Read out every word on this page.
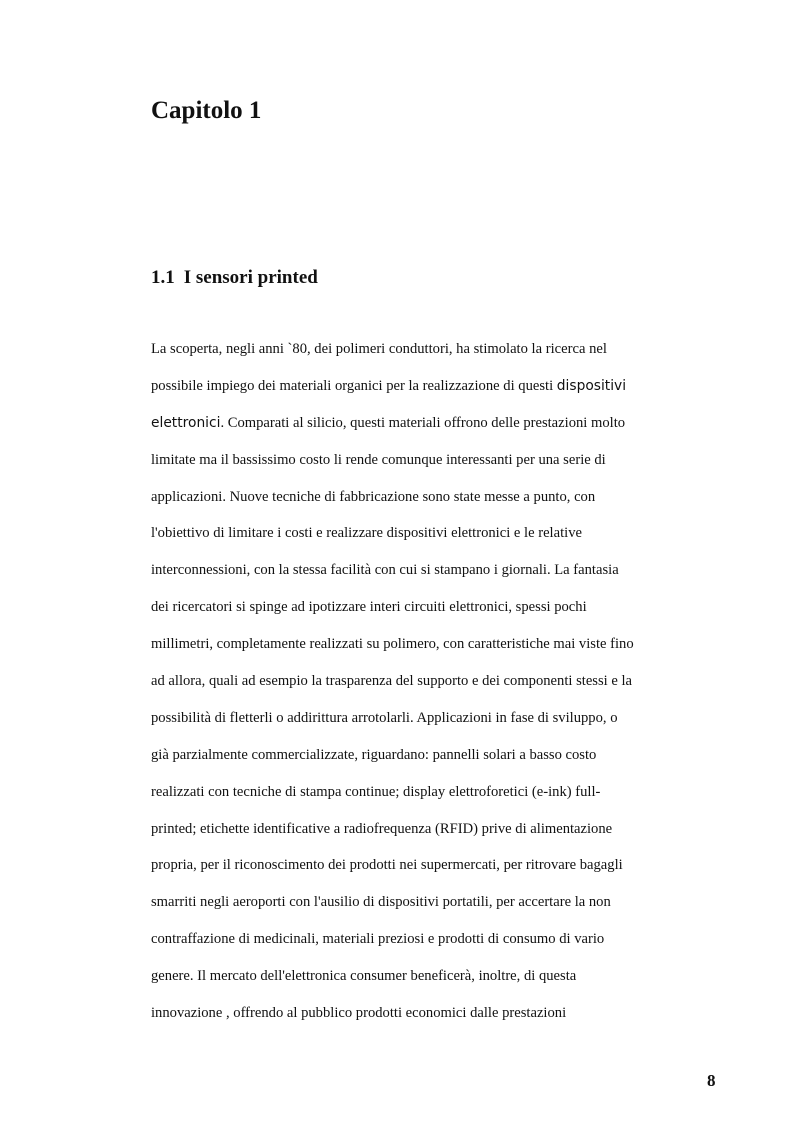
Capitolo 1
1.1 I sensori printed
La scoperta, negli anni `80, dei polimeri conduttori, ha stimolato la ricerca nel
possibile impiego dei materiali organici per la realizzazione di questi dispositivi
elettronici. Comparati al silicio, questi materiali offrono delle prestazioni molto
limitate ma il bassissimo costo li rende comunque interessanti per una serie di
applicazioni. Nuove tecniche di fabbricazione sono state messe a punto, con
l'obiettivo di limitare i costi e realizzare dispositivi elettronici e le relative
interconnessioni, con la stessa facilità con cui si stampano i giornali. La fantasia
dei ricercatori si spinge ad ipotizzare interi circuiti elettronici, spessi pochi
millimetri, completamente realizzati su polimero, con caratteristiche mai viste fino
ad allora, quali ad esempio la trasparenza del supporto e dei componenti stessi e la
possibilità di fletterli o addirittura arrotolarli. Applicazioni in fase di sviluppo, o
già parzialmente commercializzate, riguardano: pannelli solari a basso costo
realizzati con tecniche di stampa continue; display elettroforetici (e-ink) full-
printed; etichette identificative a radiofrequenza (RFID) prive di alimentazione
propria, per il riconoscimento dei prodotti nei supermercati, per ritrovare bagagli
smarriti negli aeroporti con l'ausilio di dispositivi portatili, per accertare la non
contraffazione di medicinali, materiali preziosi e prodotti di consumo di vario
genere. Il mercato dell'elettronica consumer beneficerà, inoltre, di questa
innovazione , offrendo al pubblico prodotti economici dalle prestazioni
8
